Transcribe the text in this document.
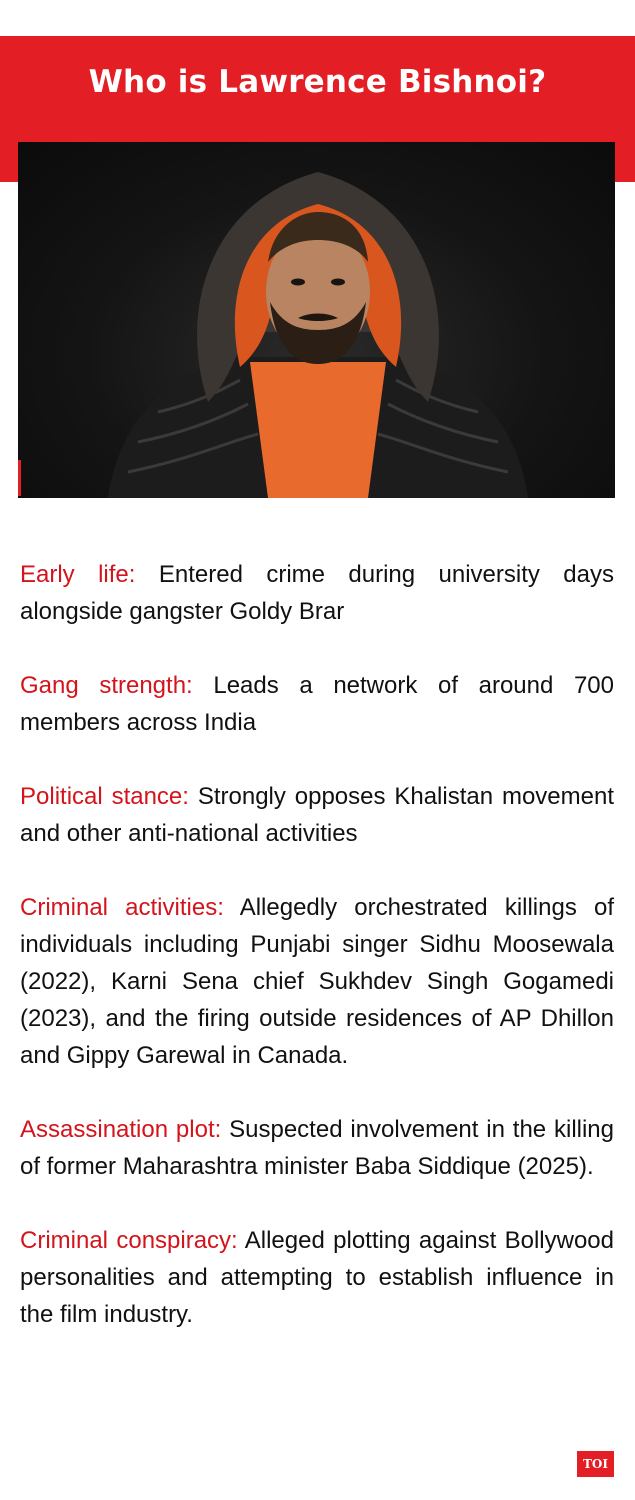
Who is Lawrence Bishnoi?

Early life: Entered crime during university days alongside gangster Goldy Brar

Gang strength: Leads a network of around 700 members across India

Political stance: Strongly opposes Khalistan movement and other anti-national activities

Criminal activities: Allegedly orchestrated killings of individuals including Punjabi singer Sidhu Moosewala (2022), Karni Sena chief Sukhdev Singh Gogamedi (2023), and the firing outside residences of AP Dhillon and Gippy Garewal in Canada.

Assassination plot: Suspected involvement in the killing of former Maharashtra minister Baba Siddique (2025).

Criminal conspiracy: Alleged plotting against Bollywood personalities and attempting to establish influence in the film industry.

TOI
